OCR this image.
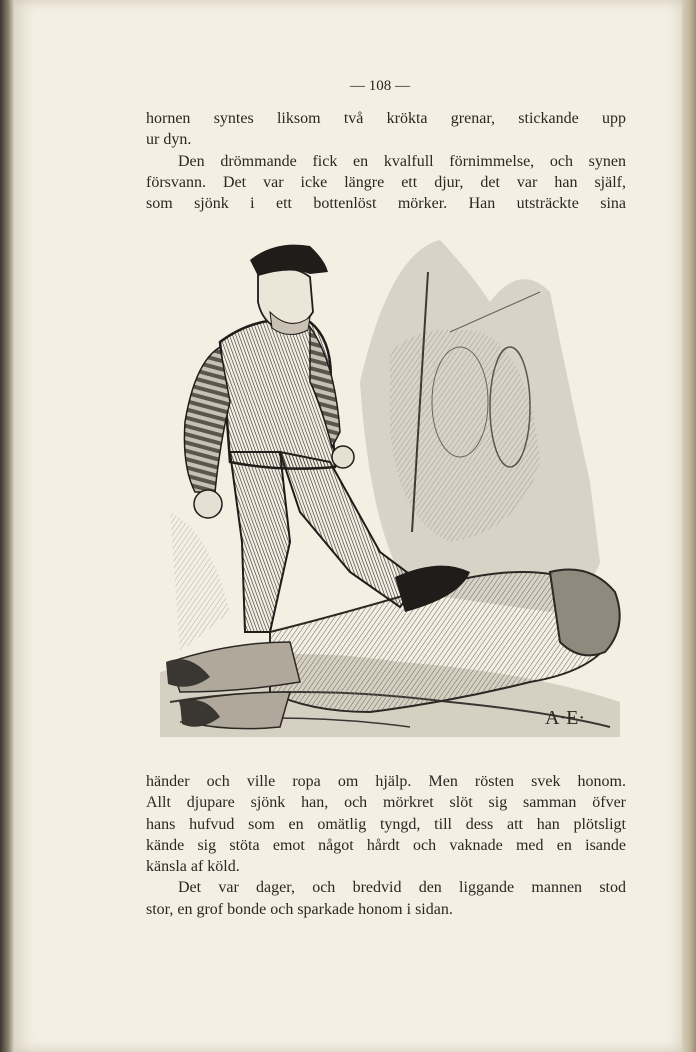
— 108 —
hornen syntes liksom två krökta grenar, stickande upp
ur dyn.
Den drömmande fick en kvalfull förnimmelse, och synen
försvann. Det var icke längre ett djur, det var han själf,
som sjönk i ett bottenlöst mörker. Han utsträckte sina
A·E·
händer och ville ropa om hjälp. Men rösten svek honom.
Allt djupare sjönk han, och mörkret slöt sig samman öfver
hans hufvud som en omätlig tyngd, till dess att han plötsligt
kände sig stöta emot något hårdt och vaknade med en isande
känsla af köld.
Det var dager, och bredvid den liggande mannen stod
stor, en grof bonde och sparkade honom i sidan.
